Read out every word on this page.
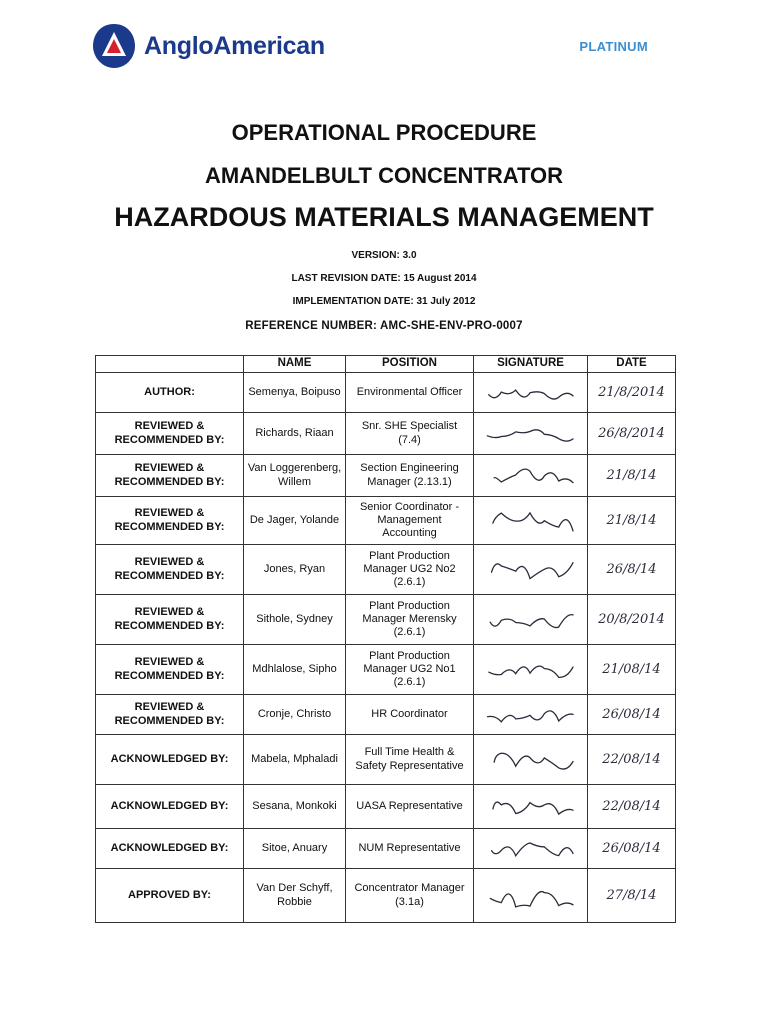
AngloAmerican	PLATINUM
OPERATIONAL PROCEDURE
AMANDELBULT CONCENTRATOR
HAZARDOUS MATERIALS MANAGEMENT
VERSION: 3.0
LAST REVISION DATE: 15 August 2014
IMPLEMENTATION DATE: 31 July 2012
REFERENCE NUMBER: AMC-SHE-ENV-PRO-0007
	NAME	POSITION	SIGNATURE	DATE
AUTHOR:	Semenya, Boipuso	Environmental Officer		21/8/2014
REVIEWED & RECOMMENDED BY:	Richards, Riaan	Snr. SHE Specialist (7.4)		26/8/2014
REVIEWED & RECOMMENDED BY:	Van Loggerenberg, Willem	Section Engineering Manager (2.13.1)		21/8/14
REVIEWED & RECOMMENDED BY:	De Jager, Yolande	Senior Coordinator - Management Accounting		21/8/14
REVIEWED & RECOMMENDED BY:	Jones, Ryan	Plant Production Manager UG2 No2 (2.6.1)		26/8/14
REVIEWED & RECOMMENDED BY:	Sithole, Sydney	Plant Production Manager Merensky (2.6.1)		20/8/2014
REVIEWED & RECOMMENDED BY:	Mdhlalose, Sipho	Plant Production Manager UG2 No1 (2.6.1)		21/08/14
REVIEWED & RECOMMENDED BY:	Cronje, Christo	HR Coordinator		26/08/14
ACKNOWLEDGED BY:	Mabela, Mphaladi	Full Time Health & Safety Representative		22/08/14
ACKNOWLEDGED BY:	Sesana, Monkoki	UASA Representative		22/08/14
ACKNOWLEDGED BY:	Sitoe, Anuary	NUM Representative		26/08/14
APPROVED BY:	Van Der Schyff, Robbie	Concentrator Manager (3.1a)		27/8/14
